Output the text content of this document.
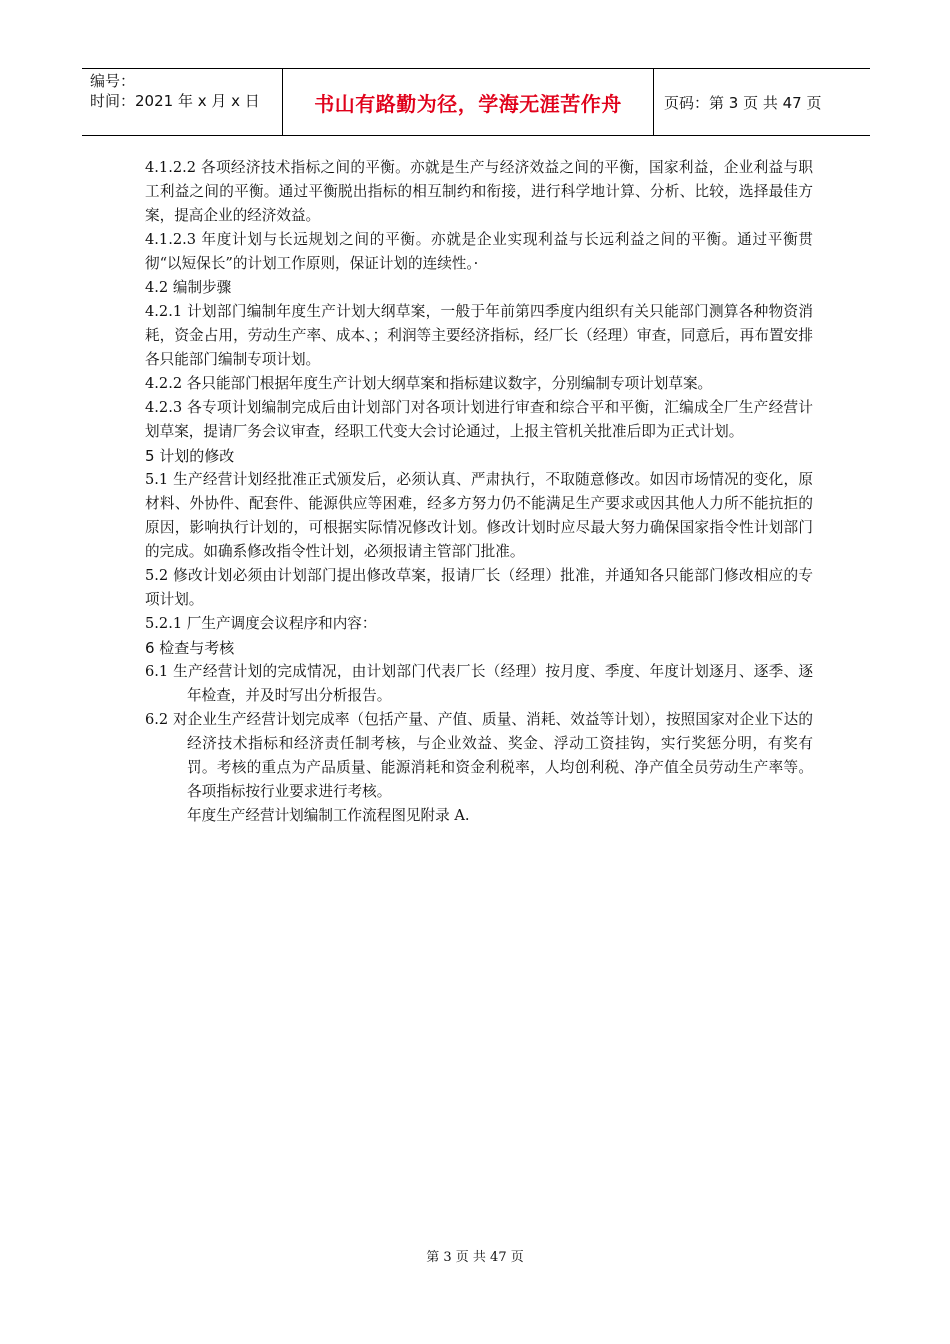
编号：
时间：2021 年 x 月 x 日	书山有路勤为径，学海无涯苦作舟	页码：第 3 页 共 47 页

4.1.2.2 各项经济技术指标之间的平衡。亦就是生产与经济效益之间的平衡，国家利益，企业利益与职工利益之间的平衡。通过平衡脱出指标的相互制约和衔接，进行科学地计算、分析、比较，选择最佳方案，提高企业的经济效益。

4.1.2.3 年度计划与长远规划之间的平衡。亦就是企业实现利益与长远利益之间的平衡。通过平衡贯彻“以短保长”的计划工作原则，保证计划的连续性。·

4.2 编制步骤

4.2.1 计划部门编制年度生产计划大纲草案，一般于年前第四季度内组织有关只能部门测算各种物资消耗，资金占用，劳动生产率、成本、；利润等主要经济指标，经厂长（经理）审查，同意后，再布置安排各只能部门编制专项计划。

4.2.2 各只能部门根据年度生产计划大纲草案和指标建议数字，分别编制专项计划草案。

4.2.3 各专项计划编制完成后由计划部门对各项计划进行审查和综合平和平衡，汇编成全厂生产经营计划草案，提请厂务会议审查，经职工代变大会讨论通过，上报主管机关批准后即为正式计划。

5 计划的修改

5.1 生产经营计划经批准正式颁发后，必须认真、严肃执行，不取随意修改。如因市场情况的变化，原材料、外协件、配套件、能源供应等困难，经多方努力仍不能满足生产要求或因其他人力所不能抗拒的原因，影响执行计划的，可根据实际情况修改计划。修改计划时应尽最大努力确保国家指令性计划部门的完成。如确系修改指令性计划，必须报请主管部门批准。

5.2 修改计划必须由计划部门提出修改草案，报请厂长（经理）批准，并通知各只能部门修改相应的专项计划。

5.2.1 厂生产调度会议程序和内容：

6 检查与考核

6.1 生产经营计划的完成情况，由计划部门代表厂长（经理）按月度、季度、年度计划逐月、逐季、逐年检查，并及时写出分析报告。

6.2 对企业生产经营计划完成率（包括产量、产值、质量、消耗、效益等计划），按照国家对企业下达的经济技术指标和经济责任制考核，与企业效益、奖金、浮动工资挂钩，实行奖惩分明，有奖有罚。考核的重点为产品质量、能源消耗和资金利税率，人均创利税、净产值全员劳动生产率等。各项指标按行业要求进行考核。

年度生产经营计划编制工作流程图见附录 A.

第 3 页 共 47 页
